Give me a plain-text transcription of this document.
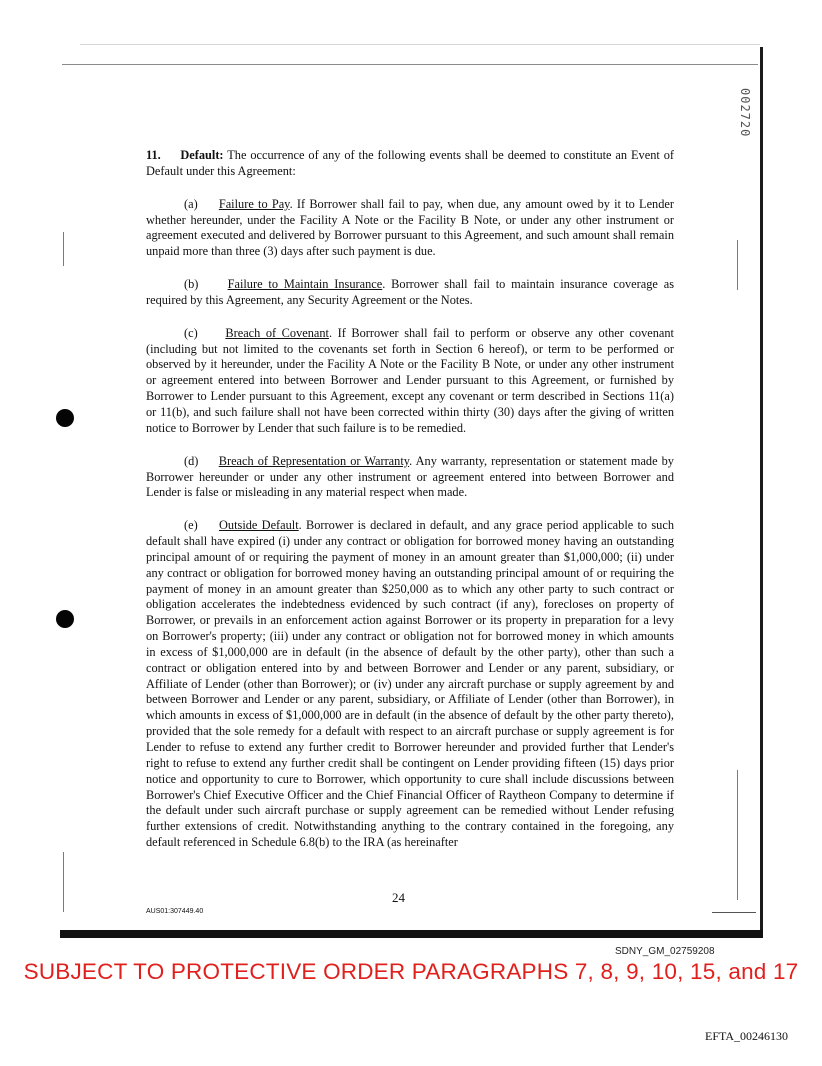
002720

11. Default: The occurrence of any of the following events shall be deemed to constitute an Event of Default under this Agreement:

(a) Failure to Pay. If Borrower shall fail to pay, when due, any amount owed by it to Lender whether hereunder, under the Facility A Note or the Facility B Note, or under any other instrument or agreement executed and delivered by Borrower pursuant to this Agreement, and such amount shall remain unpaid more than three (3) days after such payment is due.

(b) Failure to Maintain Insurance. Borrower shall fail to maintain insurance coverage as required by this Agreement, any Security Agreement or the Notes.

(c) Breach of Covenant. If Borrower shall fail to perform or observe any other covenant (including but not limited to the covenants set forth in Section 6 hereof), or term to be performed or observed by it hereunder, under the Facility A Note or the Facility B Note, or under any other instrument or agreement entered into between Borrower and Lender pursuant to this Agreement, or furnished by Borrower to Lender pursuant to this Agreement, except any covenant or term described in Sections 11(a) or 11(b), and such failure shall not have been corrected within thirty (30) days after the giving of written notice to Borrower by Lender that such failure is to be remedied.

(d) Breach of Representation or Warranty. Any warranty, representation or statement made by Borrower hereunder or under any other instrument or agreement entered into between Borrower and Lender is false or misleading in any material respect when made.

(e) Outside Default. Borrower is declared in default, and any grace period applicable to such default shall have expired (i) under any contract or obligation for borrowed money having an outstanding principal amount of or requiring the payment of money in an amount greater than $1,000,000; (ii) under any contract or obligation for borrowed money having an outstanding principal amount of or requiring the payment of money in an amount greater than $250,000 as to which any other party to such contract or obligation accelerates the indebtedness evidenced by such contract (if any), forecloses on property of Borrower, or prevails in an enforcement action against Borrower or its property in preparation for a levy on Borrower's property; (iii) under any contract or obligation not for borrowed money in which amounts in excess of $1,000,000 are in default (in the absence of default by the other party), other than such a contract or obligation entered into by and between Borrower and Lender or any parent, subsidiary, or Affiliate of Lender (other than Borrower); or (iv) under any aircraft purchase or supply agreement by and between Borrower and Lender or any parent, subsidiary, or Affiliate of Lender (other than Borrower), in which amounts in excess of $1,000,000 are in default (in the absence of default by the other party thereto), provided that the sole remedy for a default with respect to an aircraft purchase or supply agreement is for Lender to refuse to extend any further credit to Borrower hereunder and provided further that Lender's right to refuse to extend any further credit shall be contingent on Lender providing fifteen (15) days prior notice and opportunity to cure to Borrower, which opportunity to cure shall include discussions between Borrower's Chief Executive Officer and the Chief Financial Officer of Raytheon Company to determine if the default under such aircraft purchase or supply agreement can be remedied without Lender refusing further extensions of credit. Notwithstanding anything to the contrary contained in the foregoing, any default referenced in Schedule 6.8(b) to the IRA (as hereinafter

24
AUS01:307449.40
SDNY_GM_02759208
SUBJECT TO PROTECTIVE ORDER PARAGRAPHS 7, 8, 9, 10, 15, and 17
EFTA_00246130
